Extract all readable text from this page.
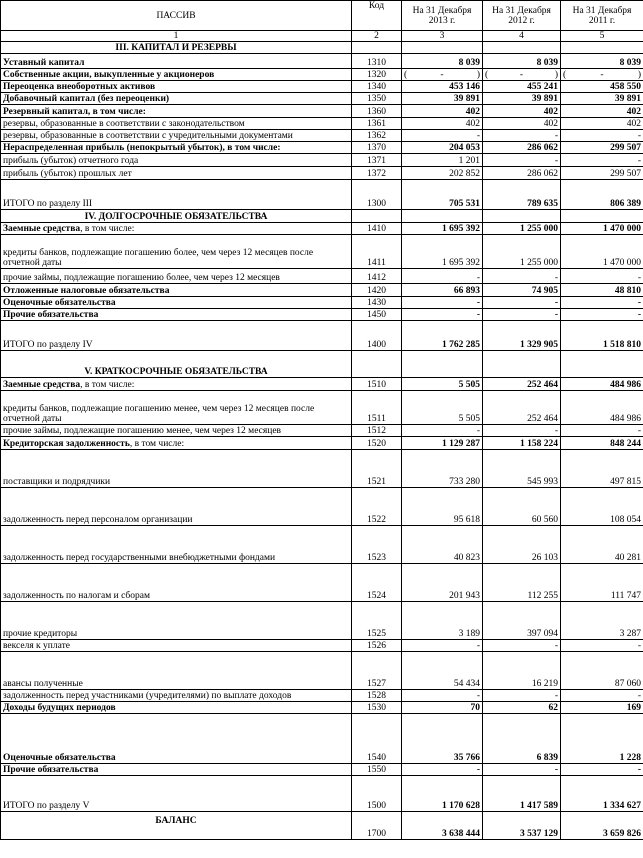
ПАССИВ	Код	На 31 Декабря 2013 г.	На 31 Декабря 2012 г.	На 31 Декабря 2011 г.
1	2	3	4	5
III. КАПИТАЛ И РЕЗЕРВЫ				
Уставный капитал	1310	8 039	8 039	8 039
Собственные акции, выкупленные у акционеров	1320	( - )	( - )	( - )

Переоценка внеоборотных активов	1340	453 146	455 241	458 550
Добавочный капитал (без переоценки)	1350	39 891	39 891	39 891
Резервный капитал, в том числе:	1360	402	402	402
резервы, образованные в соответствии с законодательством	1361	402	402	402
резервы, образованные в соответствии с учредительными документами	1362	-	-	-
Нераспределенная прибыль (непокрытый убыток), в том числе:	1370	204 053	286 062	299 507
прибыль (убыток) отчетного года	1371	1 201	-	-
прибыль (убыток) прошлых лет	1372	202 852	286 062	299 507
ИТОГО по разделу III	1300	705 531	789 635	806 389
IV. ДОЛГОСРОЧНЫЕ ОБЯЗАТЕЛЬСТВА				
Заемные средства, в том числе:	1410	1 695 392	1 255 000	1 470 000
кредиты банков, подлежащие погашению более, чем через 12 месяцев после отчетной даты	1411	1 695 392	1 255 000	1 470 000
прочие займы, подлежащие погашению более, чем через 12 месяцев	1412	-	-	-
Отложенные налоговые обязательства	1420	66 893	74 905	48 810
Оценочные обязательства	1430	-	-	-
Прочие обязательства	1450	-	-	-
ИТОГО по разделу IV	1400	1 762 285	1 329 905	1 518 810
V. КРАТКОСРОЧНЫЕ ОБЯЗАТЕЛЬСТВА				
Заемные средства, в том числе:	1510	5 505	252 464	484 986
кредиты банков, подлежащие погашению менее, чем через 12 месяцев после отчетной даты	1511	5 505	252 464	484 986
прочие займы, подлежащие погашению менее, чем через 12 месяцев	1512	-	-	-
Кредиторская задолженность, в том числе:	1520	1 129 287	1 158 224	848 244
поставщики и подрядчики	1521	733 280	545 993	497 815
задолженность перед персоналом организации	1522	95 618	60 560	108 054
задолженность перед государственными внебюджетными фондами	1523	40 823	26 103	40 281
задолженность по налогам и сборам	1524	201 943	112 255	111 747
прочие кредиторы	1525	3 189	397 094	3 287
векселя к уплате	1526	-	-	-
авансы полученные	1527	54 434	16 219	87 060
задолженность перед участниками (учредителями) по выплате доходов	1528	-	-	-
Доходы будущих периодов	1530	70	62	169
Оценочные обязательства	1540	35 766	6 839	1 228
Прочие обязательства	1550	-	-	-
ИТОГО по разделу V	1500	1 170 628	1 417 589	1 334 627
БАЛАНС	1700	3 638 444	3 537 129	3 659 826
